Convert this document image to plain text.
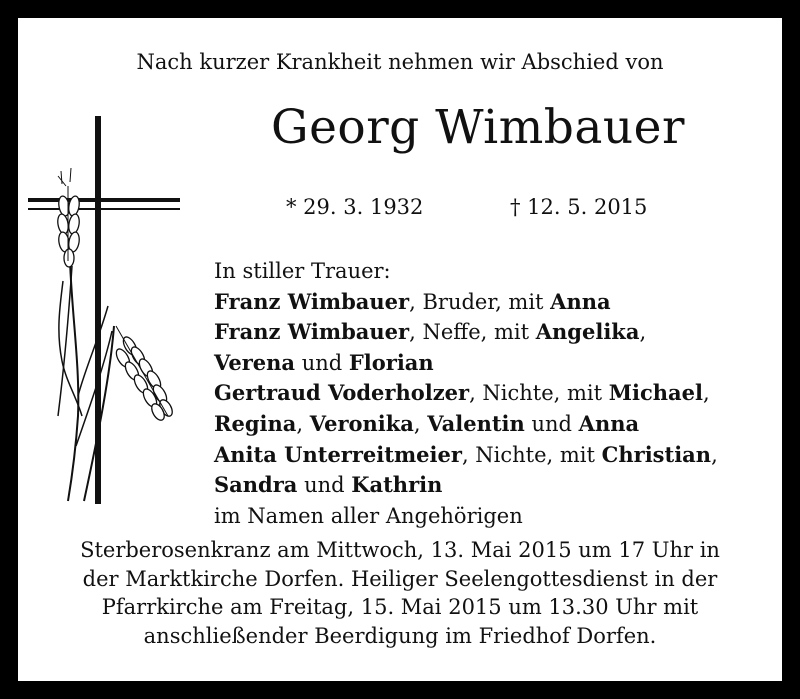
Nach kurzer Krankheit nehmen wir Abschied von
Georg Wimbauer
* 29. 3. 1932	† 12. 5. 2015
In stiller Trauer:
Franz Wimbauer, Bruder, mit Anna
Franz Wimbauer, Neffe, mit Angelika,
Verena und Florian
Gertraud Voderholzer, Nichte, mit Michael,
Regina, Veronika, Valentin und Anna
Anita Unterreitmeier, Nichte, mit Christian,
Sandra und Kathrin
im Namen aller Angehörigen
Sterberosenkranz am Mittwoch, 13. Mai 2015 um 17 Uhr in
der Marktkirche Dorfen. Heiliger Seelengottesdienst in der
Pfarrkirche am Freitag, 15. Mai 2015 um 13.30 Uhr mit
anschließender Beerdigung im Friedhof Dorfen.
